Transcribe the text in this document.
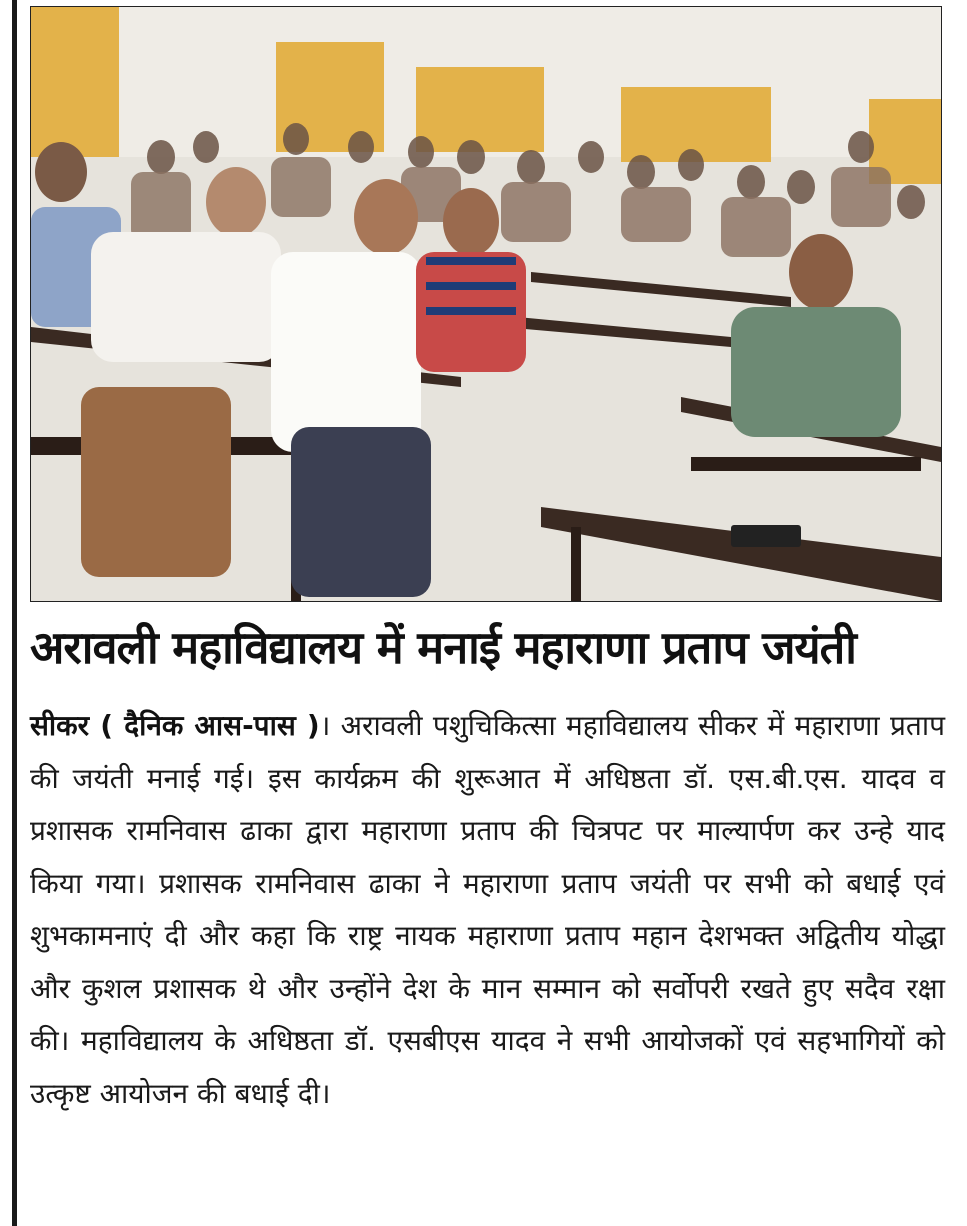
अरावली महाविद्यालय में मनाई महाराणा प्रताप जयंती

सीकर ( दैनिक आस-पास )। अरावली पशुचिकित्सा महाविद्यालय सीकर में महाराणा प्रताप की जयंती मनाई गई। इस कार्यक्रम की शुरूआत में अधिष्ठता डॉ. एस.बी.एस. यादव व प्रशासक रामनिवास ढाका द्वारा महाराणा प्रताप की चित्रपट पर माल्यार्पण कर उन्हे याद किया गया। प्रशासक रामनिवास ढाका ने महाराणा प्रताप जयंती पर सभी को बधाई एवं शुभकामनाएं दी और कहा कि राष्ट्र नायक महाराणा प्रताप महान देशभक्त अद्वितीय योद्धा और कुशल प्रशासक थे और उन्होंने देश के मान सम्मान को सर्वोपरी रखते हुए सदैव रक्षा की। महाविद्यालय के अधिष्ठता डॉ. एसबीएस यादव ने सभी आयोजकों एवं सहभागियों को उत्कृष्ट आयोजन की बधाई दी।
